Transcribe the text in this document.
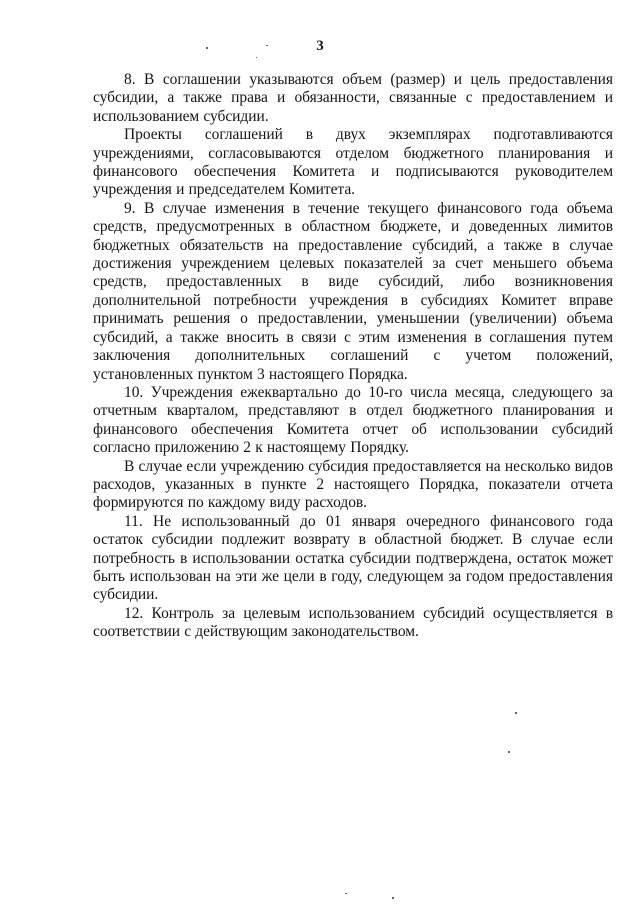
3

8. В соглашении указываются объем (размер) и цель предоставления субсидии, а также права и обязанности, связанные с предоставлением и использованием субсидии.

Проекты соглашений в двух экземплярах подготавливаются учреждениями, согласовываются отделом бюджетного планирования и финансового обеспечения Комитета и подписываются руководителем учреждения и председателем Комитета.

9. В случае изменения в течение текущего финансового года объема средств, предусмотренных в областном бюджете, и доведенных лимитов бюджетных обязательств на предоставление субсидий, а также в случае достижения учреждением целевых показателей за счет меньшего объема средств, предоставленных в виде субсидий, либо возникновения дополнительной потребности учреждения в субсидиях Комитет вправе принимать решения о предоставлении, уменьшении (увеличении) объема субсидий, а также вносить в связи с этим изменения в соглашения путем заключения дополнительных соглашений с учетом положений, установленных пунктом 3 настоящего Порядка.

10. Учреждения ежеквартально до 10-го числа месяца, следующего за отчетным кварталом, представляют в отдел бюджетного планирования и финансового обеспечения Комитета отчет об использовании субсидий согласно приложению 2 к настоящему Порядку.

В случае если учреждению субсидия предоставляется на несколько видов расходов, указанных в пункте 2 настоящего Порядка, показатели отчета формируются по каждому виду расходов.

11. Не использованный до 01 января очередного финансового года остаток субсидии подлежит возврату в областной бюджет. В случае если потребность в использовании остатка субсидии подтверждена, остаток может быть использован на эти же цели в году, следующем за годом предоставления субсидии.

12. Контроль за целевым использованием субсидий осуществляется в соответствии с действующим законодательством.
